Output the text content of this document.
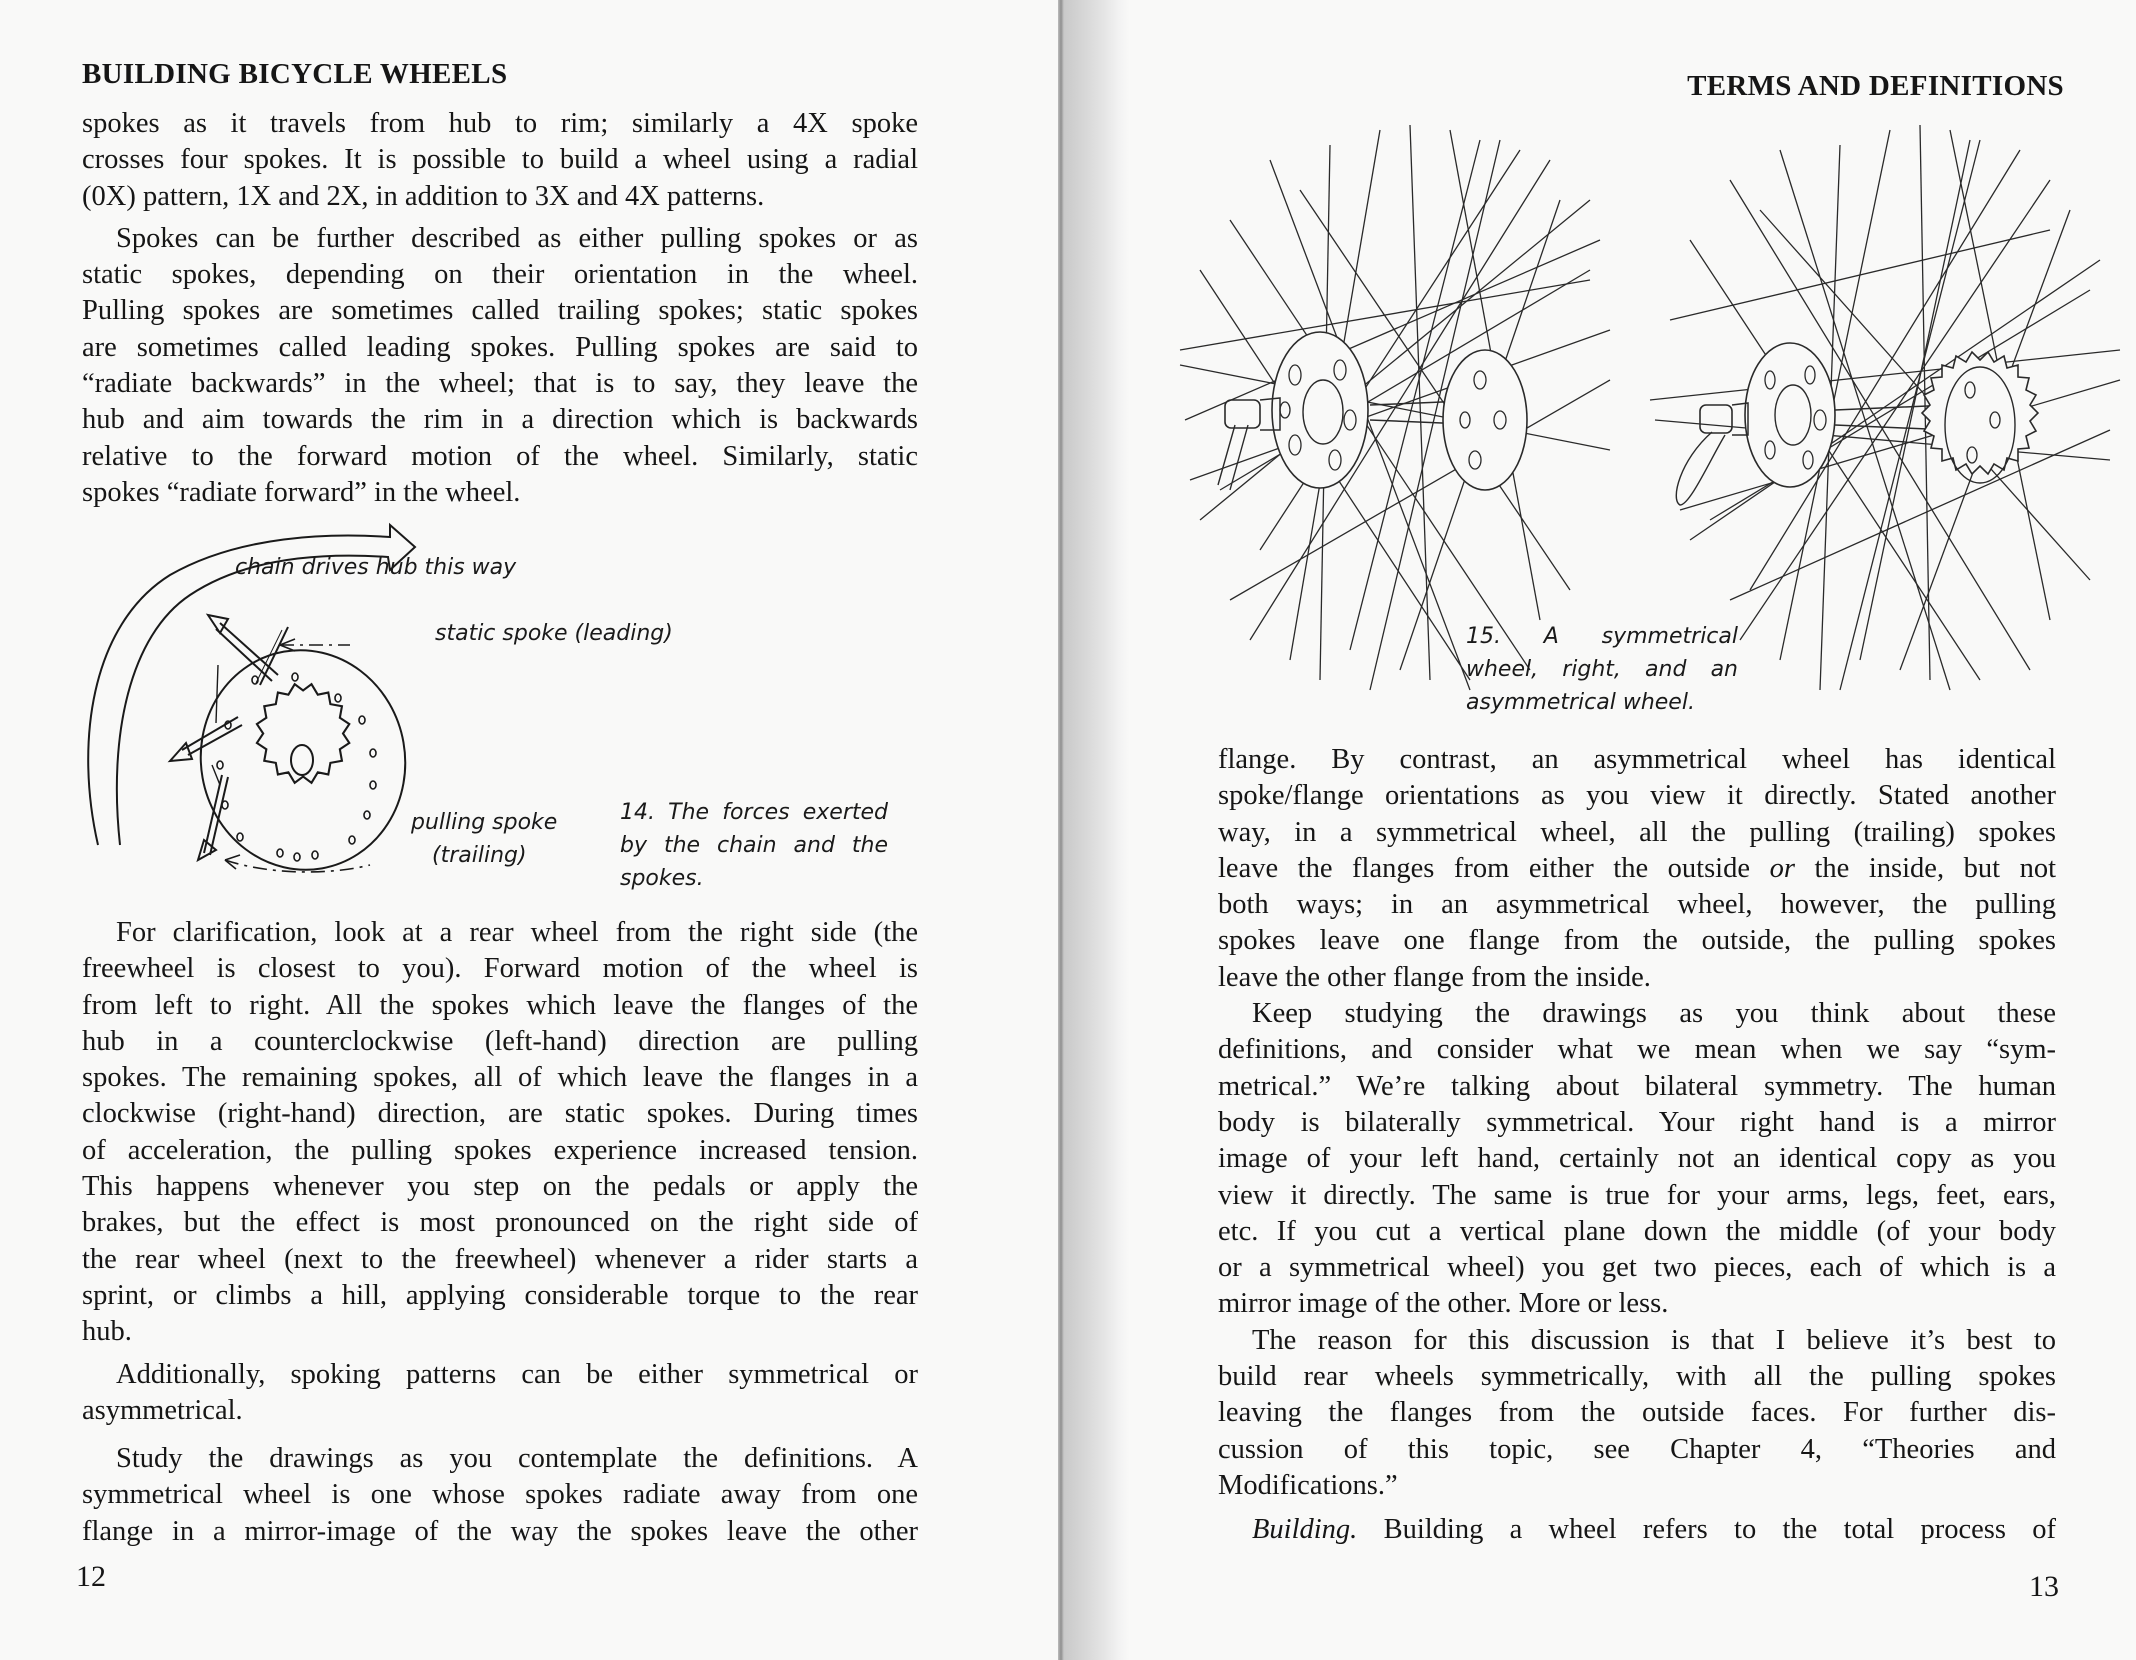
BUILDING BICYCLE WHEELS
spokes as it travels from hub to rim; similarly a 4X spoke
crosses four spokes. It is possible to build a wheel using a radial
(0X) pattern, 1X and 2X, in addition to 3X and 4X patterns.
Spokes can be further described as either pulling spokes or as
static spokes, depending on their orientation in the wheel.
Pulling spokes are sometimes called trailing spokes; static spokes
are sometimes called leading spokes. Pulling spokes are said to
“radiate backwards” in the wheel; that is to say, they leave the
hub and aim towards the rim in a direction which is backwards
relative to the forward motion of the wheel. Similarly, static
spokes “radiate forward” in the wheel.
chain drives hub this way
static spoke (leading)
pulling spoke
(trailing)
14. The forces exerted
by the chain and the
spokes.
For clarification, look at a rear wheel from the right side (the
freewheel is closest to you). Forward motion of the wheel is
from left to right. All the spokes which leave the flanges of the
hub in a counterclockwise (left-hand) direction are pulling
spokes. The remaining spokes, all of which leave the flanges in a
clockwise (right-hand) direction, are static spokes. During times
of acceleration, the pulling spokes experience increased tension.
This happens whenever you step on the pedals or apply the
brakes, but the effect is most pronounced on the right side of
the rear wheel (next to the freewheel) whenever a rider starts a
sprint, or climbs a hill, applying considerable torque to the rear
hub.
Additionally, spoking patterns can be either symmetrical or
asymmetrical.
Study the drawings as you contemplate the definitions. A
symmetrical wheel is one whose spokes radiate away from one
flange in a mirror-image of the way the spokes leave the other
12
TERMS AND DEFINITIONS
15. A symmetrical
wheel, right, and an
asymmetrical wheel.
flange. By contrast, an asymmetrical wheel has identical
spoke/flange orientations as you view it directly. Stated another
way, in a symmetrical wheel, all the pulling (trailing) spokes
leave the flanges from either the outside or the inside, but not
both ways; in an asymmetrical wheel, however, the pulling
spokes leave one flange from the outside, the pulling spokes
leave the other flange from the inside.
Keep studying the drawings as you think about these
definitions, and consider what we mean when we say “sym-
metrical.” We’re talking about bilateral symmetry. The human
body is bilaterally symmetrical. Your right hand is a mirror
image of your left hand, certainly not an identical copy as you
view it directly. The same is true for your arms, legs, feet, ears,
etc. If you cut a vertical plane down the middle (of your body
or a symmetrical wheel) you get two pieces, each of which is a
mirror image of the other. More or less.
The reason for this discussion is that I believe it’s best to
build rear wheels symmetrically, with all the pulling spokes
leaving the flanges from the outside faces. For further dis-
cussion of this topic, see Chapter 4, “Theories and
Modifications.”
Building. Building a wheel refers to the total process of
13
